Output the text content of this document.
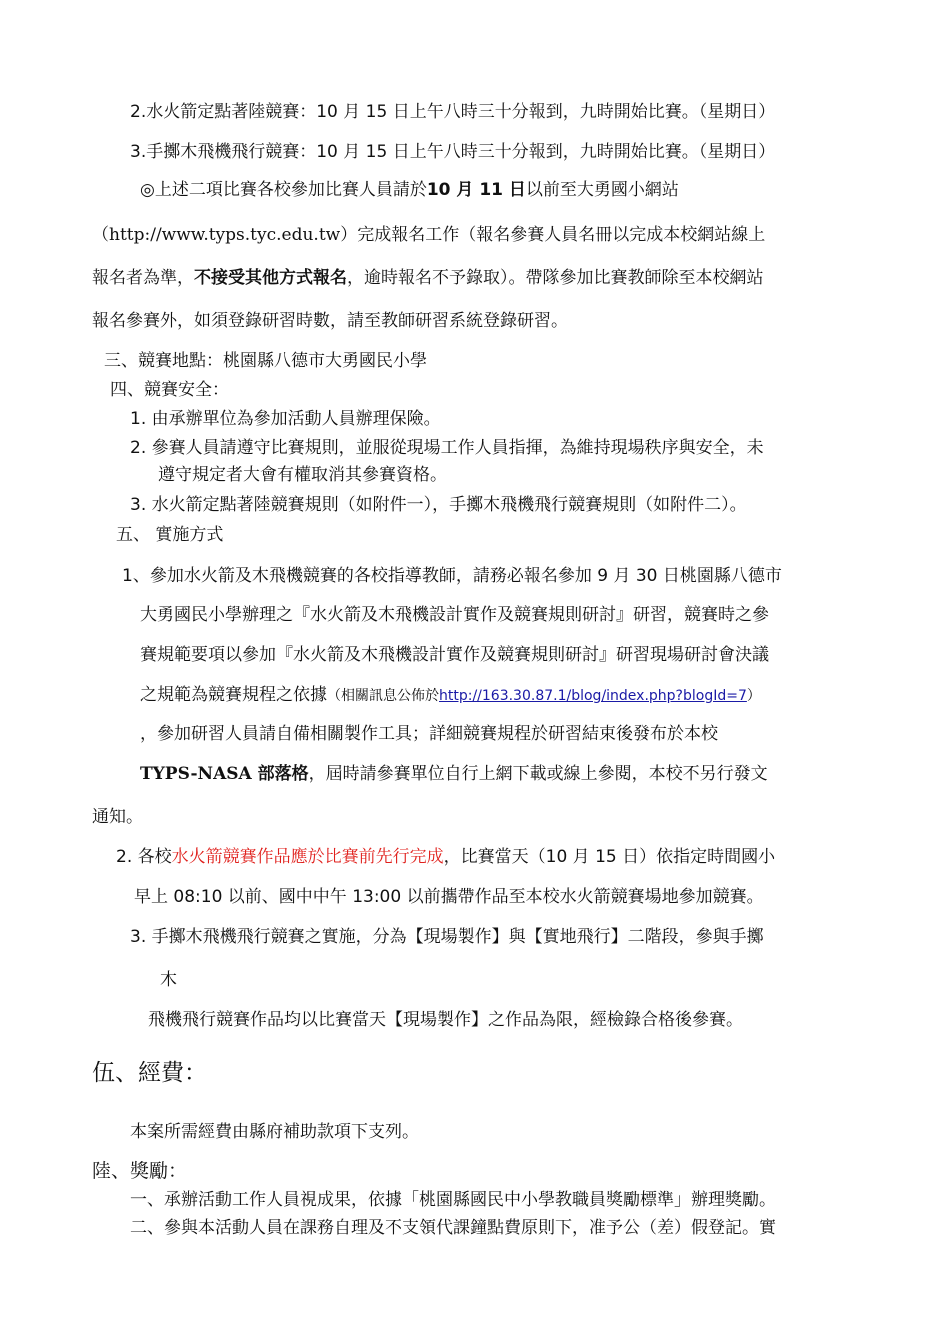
2.水火箭定點著陸競賽：10 月 15 日上午八時三十分報到，九時開始比賽。（星期日）
3.手擲木飛機飛行競賽：10 月 15 日上午八時三十分報到，九時開始比賽。（星期日）
◎上述二項比賽各校參加比賽人員請於10 月 11 日以前至大勇國小網站
（http://www.typs.tyc.edu.tw）完成報名工作（報名參賽人員名冊以完成本校網站線上
報名者為準，不接受其他方式報名，逾時報名不予錄取）。帶隊參加比賽教師除至本校網站
報名參賽外，如須登錄研習時數，請至教師研習系統登錄研習。
三、競賽地點：桃園縣八德市大勇國民小學
四、競賽安全：
1. 由承辦單位為參加活動人員辦理保險。
2. 參賽人員請遵守比賽規則，並服從現場工作人員指揮，為維持現場秩序與安全，未
遵守規定者大會有權取消其參賽資格。
3. 水火箭定點著陸競賽規則（如附件一），手擲木飛機飛行競賽規則（如附件二）。
五、 實施方式
1、參加水火箭及木飛機競賽的各校指導教師，請務必報名參加 9 月 30 日桃園縣八德市
大勇國民小學辦理之『水火箭及木飛機設計實作及競賽規則研討』研習，競賽時之參
賽規範要項以參加『水火箭及木飛機設計實作及競賽規則研討』研習現場研討會決議
之規範為競賽規程之依據（相關訊息公佈於http://163.30.87.1/blog/index.php?blogId=7）
，參加研習人員請自備相關製作工具；詳細競賽規程於研習結束後發布於本校
TYPS-NASA 部落格，屆時請參賽單位自行上網下載或線上參閱，本校不另行發文
通知。
2. 各校水火箭競賽作品應於比賽前先行完成，比賽當天（10 月 15 日）依指定時間國小
早上 08:10 以前、國中中午 13:00 以前攜帶作品至本校水火箭競賽場地參加競賽。
3. 手擲木飛機飛行競賽之實施，分為【現場製作】與【實地飛行】二階段，參與手擲
木
飛機飛行競賽作品均以比賽當天【現場製作】之作品為限，經檢錄合格後參賽。
伍、經費：
本案所需經費由縣府補助款項下支列。
陸、獎勵：
一、承辦活動工作人員視成果，依據「桃園縣國民中小學教職員獎勵標準」辦理獎勵。
二、參與本活動人員在課務自理及不支領代課鐘點費原則下，准予公（差）假登記。實
